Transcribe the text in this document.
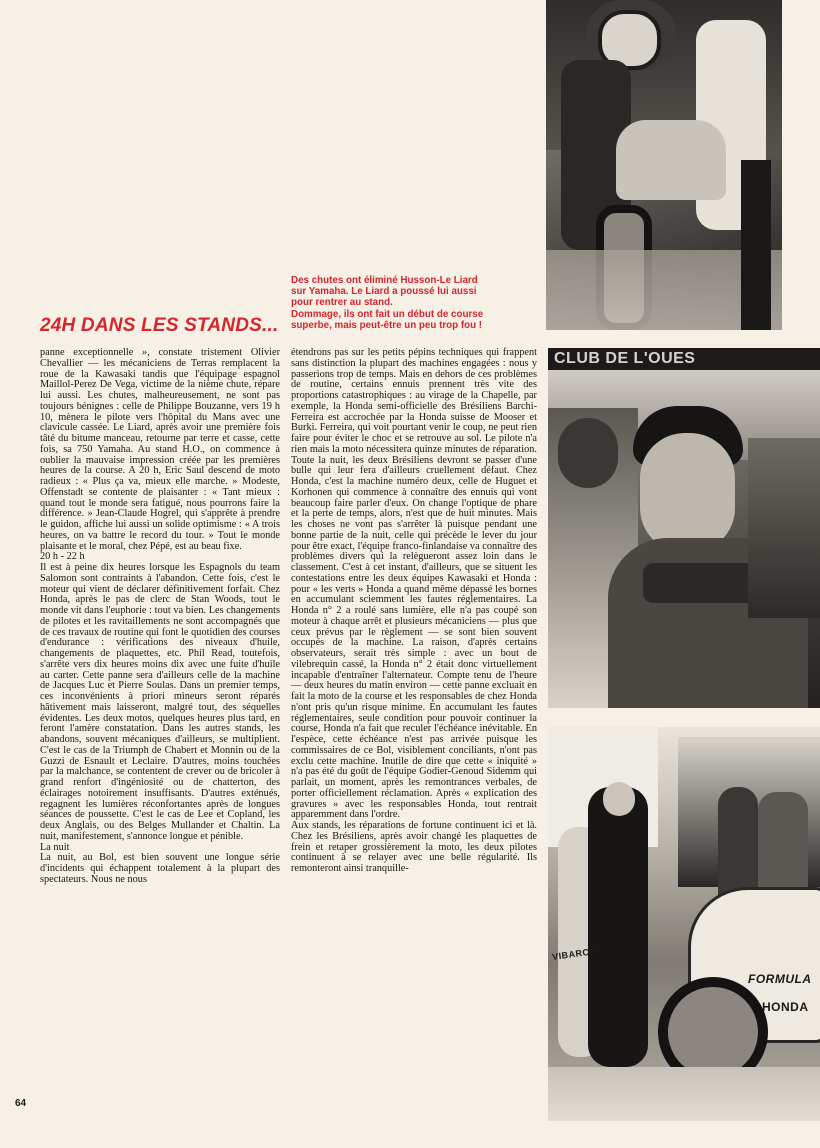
CLUB DE L'OUES
FORMULA
HONDA
VIBARCH

Des chutes ont éliminé Husson-Le Liard

sur Yamaha. Le Liard a poussé lui aussi

pour rentrer au stand.

Dommage, ils ont fait un début de course

superbe, mais peut-être un peu trop fou !

24H DANS LES STANDS...

panne exceptionnelle », constate tristement Olivier Chevallier — les mécaniciens de Terras remplacent la roue de la Kawasaki tandis que l'équipage espagnol Maillol-Perez De Vega, victime de la nième chute, répare lui aussi. Les chutes, malheureusement, ne sont pas toujours bénignes : celle de Philippe Bouzanne, vers 19 h 10, mènera le pilote vers l'hôpital du Mans avec une clavicule cassée. Le Liard, après avoir une première fois tâté du bitume manceau, retourne par terre et casse, cette fois, sa 750 Yamaha. Au stand H.O., on commence à oublier la mauvaise impression créée par les premières heures de la course. A 20 h, Eric Saul descend de moto radieux : « Plus ça va, mieux elle marche. » Modeste, Offenstadt se contente de plaisanter : « Tant mieux : quand tout le monde sera fatigué, nous pourrons faire la différence. » Jean-Claude Hogrel, qui s'apprête à prendre le guidon, affiche lui aussi un solide optimisme : « A trois heures, on va battre le record du tour. » Tout le monde plaisante et le moral, chez Pépé, est au beau fixe.

20 h - 22 h

Il est à peine dix heures lorsque les Espagnols du team Salomon sont contraints à l'abandon. Cette fois, c'est le moteur qui vient de déclarer définitivement forfait. Chez Honda, après le pas de clerc de Stan Woods, tout le monde vit dans l'euphorie : tout va bien. Les changements de pilotes et les ravitaillements ne sont accompagnés que de ces travaux de routine qui font le quotidien des courses d'endurance : vérifications des niveaux d'huile, changements de plaquettes, etc. Phil Read, toutefois, s'arrête vers dix heures moins dix avec une fuite d'huile au carter. Cette panne sera d'ailleurs celle de la machine de Jacques Luc et Pierre Soulas. Dans un premier temps, ces inconvénients à priori mineurs seront réparés hâtivement mais laisseront, malgré tout, des séquelles évidentes. Les deux motos, quelques heures plus tard, en feront l'amère constatation. Dans les autres stands, les abandons, souvent mécaniques d'ailleurs, se multiplient. C'est le cas de la Triumph de Chabert et Monnin ou de la Guzzi de Esnault et Leclaire. D'autres, moins touchées par la malchance, se contentent de crever ou de bricoler à grand renfort d'ingéniosité ou de chatterton, des éclairages notoirement insuffisants. D'autres exténués, regagnent les lumières réconfortantes après de longues séances de poussette. C'est le cas de Lee et Copland, les deux Anglais, ou des Belges Mullander et Chaltin. La nuit, manifestement, s'annonce longue et pénible.

La nuit

La nuit, au Bol, est bien souvent une longue série d'incidents qui échappent totalement à la plupart des spectateurs. Nous ne nous

étendrons pas sur les petits pépins techniques qui frappent sans distinction la plupart des machines engagées : nous y passerions trop de temps. Mais en dehors de ces problèmes de routine, certains ennuis prennent très vite des proportions catastrophiques : au virage de la Chapelle, par exemple, la Honda semi-officielle des Brésiliens Barchi-Ferreira est accrochée par la Honda suisse de Mooser et Burki. Ferreira, qui voit pourtant venir le coup, ne peut rien faire pour éviter le choc et se retrouve au sol. Le pilote n'a rien mais la moto nécessitera quinze minutes de réparation. Toute la nuit, les deux Brésiliens devront se passer d'une bulle qui leur fera d'ailleurs cruellement défaut. Chez Honda, c'est la machine numéro deux, celle de Huguet et Korhonen qui commence à connaître des ennuis qui vont beaucoup faire parler d'eux. On change l'optique de phare et la perte de temps, alors, n'est que de huit minutes. Mais les choses ne vont pas s'arrêter là puisque pendant une bonne partie de la nuit, celle qui précède le lever du jour pour être exact, l'équipe franco-finlandaise va connaître des problèmes divers qui la relègueront assez loin dans le classement. C'est à cet instant, d'ailleurs, que se situent les contestations entre les deux équipes Kawasaki et Honda : pour « les verts » Honda a quand même dépassé les bornes en accumulant sciemment les fautes réglementaires. La Honda n° 2 a roulé sans lumière, elle n'a pas coupé son moteur à chaque arrêt et plusieurs mécaniciens — plus que ceux prévus par le règlement — se sont bien souvent occupés de la machine. La raison, d'après certains observateurs, serait très simple : avec un bout de vilebrequin cassé, la Honda n° 2 était donc virtuellement incapable d'entraîner l'alternateur. Compte tenu de l'heure — deux heures du matin environ — cette panne excluait en fait la moto de la course et les responsables de chez Honda n'ont pris qu'un risque minime. En accumulant les fautes réglementaires, seule condition pour pouvoir continuer la course, Honda n'a fait que reculer l'échéance inévitable. En l'espèce, cette échéance n'est pas arrivée puisque les commissaires de ce Bol, visiblement conciliants, n'ont pas exclu cette machine. Inutile de dire que cette « iniquité » n'a pas été du goût de l'équipe Godier-Genoud Sidemm qui parlait, un moment, après les remontrances verbales, de porter officiellement réclamation. Après « explication des gravures » avec les responsables Honda, tout rentrait apparemment dans l'ordre.

Aux stands, les réparations de fortune continuent ici et là. Chez les Brésiliens, après avoir changé les plaquettes de frein et retaper grossièrement la moto, les deux pilotes continuent à se relayer avec une belle régularité. Ils remonteront ainsi tranquille-

64
